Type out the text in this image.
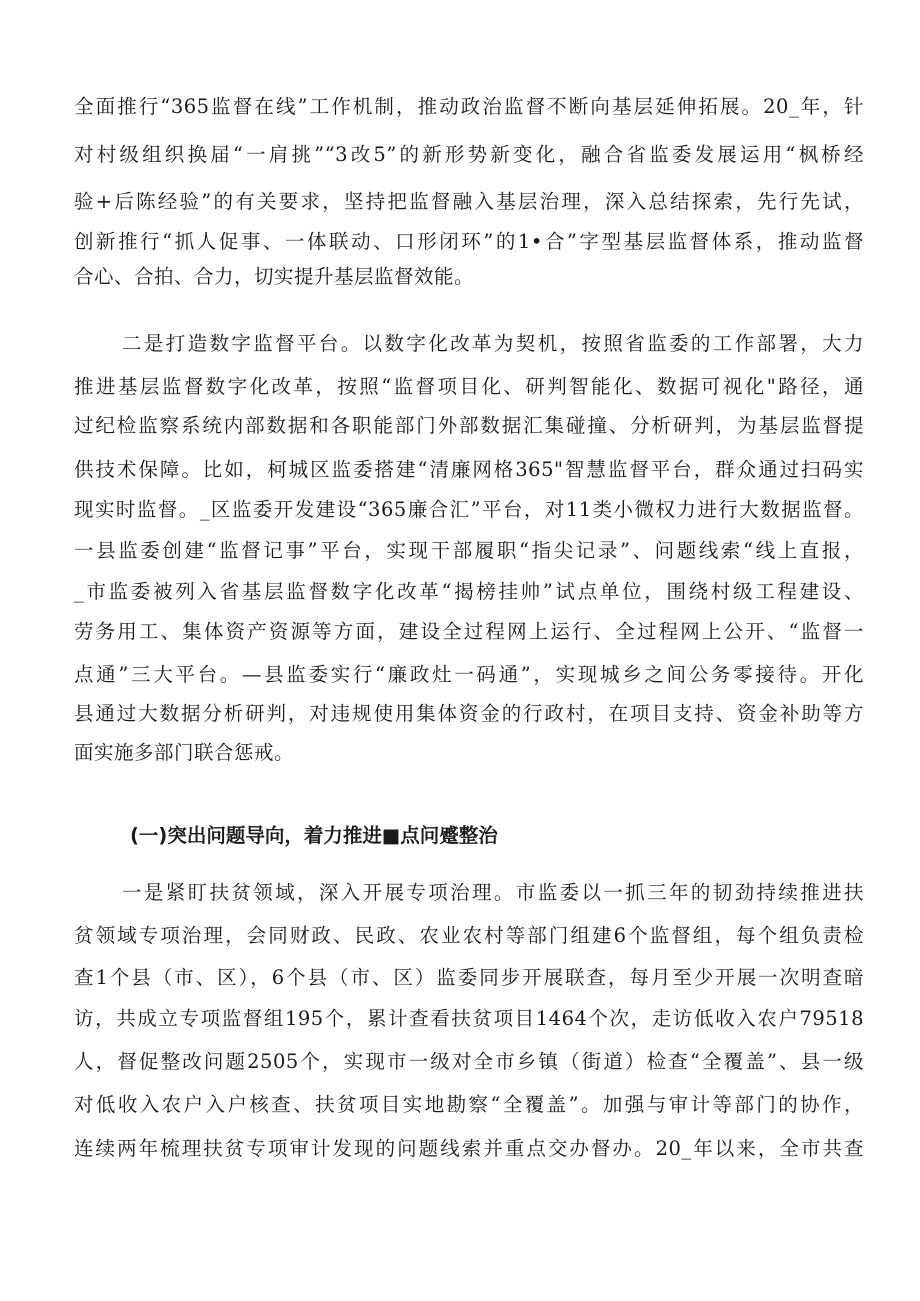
全面推行“365监督在线”工作机制，推动政治监督不断向基层延伸拓展。20_年，针
对村级组织换届“一肩挑”“3改5”的新形势新变化，融合省监委发展运用“枫桥经
验+后陈经验”的有关要求，坚持把监督融入基层治理，深入总结探索，先行先试，
创新推行“抓人促事、一体联动、口形闭环”的1•合”字型基层监督体系，推动监督
合心、合拍、合力，切实提升基层监督效能。
二是打造数字监督平台。以数字化改革为契机，按照省监委的工作部署，大力
推进基层监督数字化改革，按照“监督项目化、研判智能化、数据可视化"路径，通
过纪检监察系统内部数据和各职能部门外部数据汇集碰撞、分析研判，为基层监督提
供技术保障。比如，柯城区监委搭建“清廉网格365"智慧监督平台，群众通过扫码实
现实时监督。_区监委开发建设“365廉合汇”平台，对11类小微权力进行大数据监督。
一县监委创建“监督记事”平台，实现干部履职“指尖记录”、问题线索“线上直报，
_市监委被列入省基层监督数字化改革“揭榜挂帅”试点单位，围绕村级工程建设、
劳务用工、集体资产资源等方面，建设全过程网上运行、全过程网上公开、“监督一
点通”三大平台。—县监委实行“廉政灶一码通”，实现城乡之间公务零接待。开化
县通过大数据分析研判，对违规使用集体资金的行政村，在项目支持、资金补助等方
面实施多部门联合惩戒。
(一)突出问题导向，着力推进■点问蹙整治
一是紧盯扶贫领域，深入开展专项治理。市监委以一抓三年的韧劲持续推进扶
贫领域专项治理，会同财政、民政、农业农村等部门组建6个监督组，每个组负责检
查1个县（市、区），6个县（市、区）监委同步开展联查，每月至少开展一次明查暗
访，共成立专项监督组195个，累计查看扶贫项目1464个次，走访低收入农户79518
人，督促整改问题2505个，实现市一级对全市乡镇（街道）检查“全覆盖”、县一级
对低收入农户入户核查、扶贫项目实地勘察“全覆盖”。加强与审计等部门的协作，
连续两年梳理扶贫专项审计发现的问题线索并重点交办督办。20_年以来，全市共查
